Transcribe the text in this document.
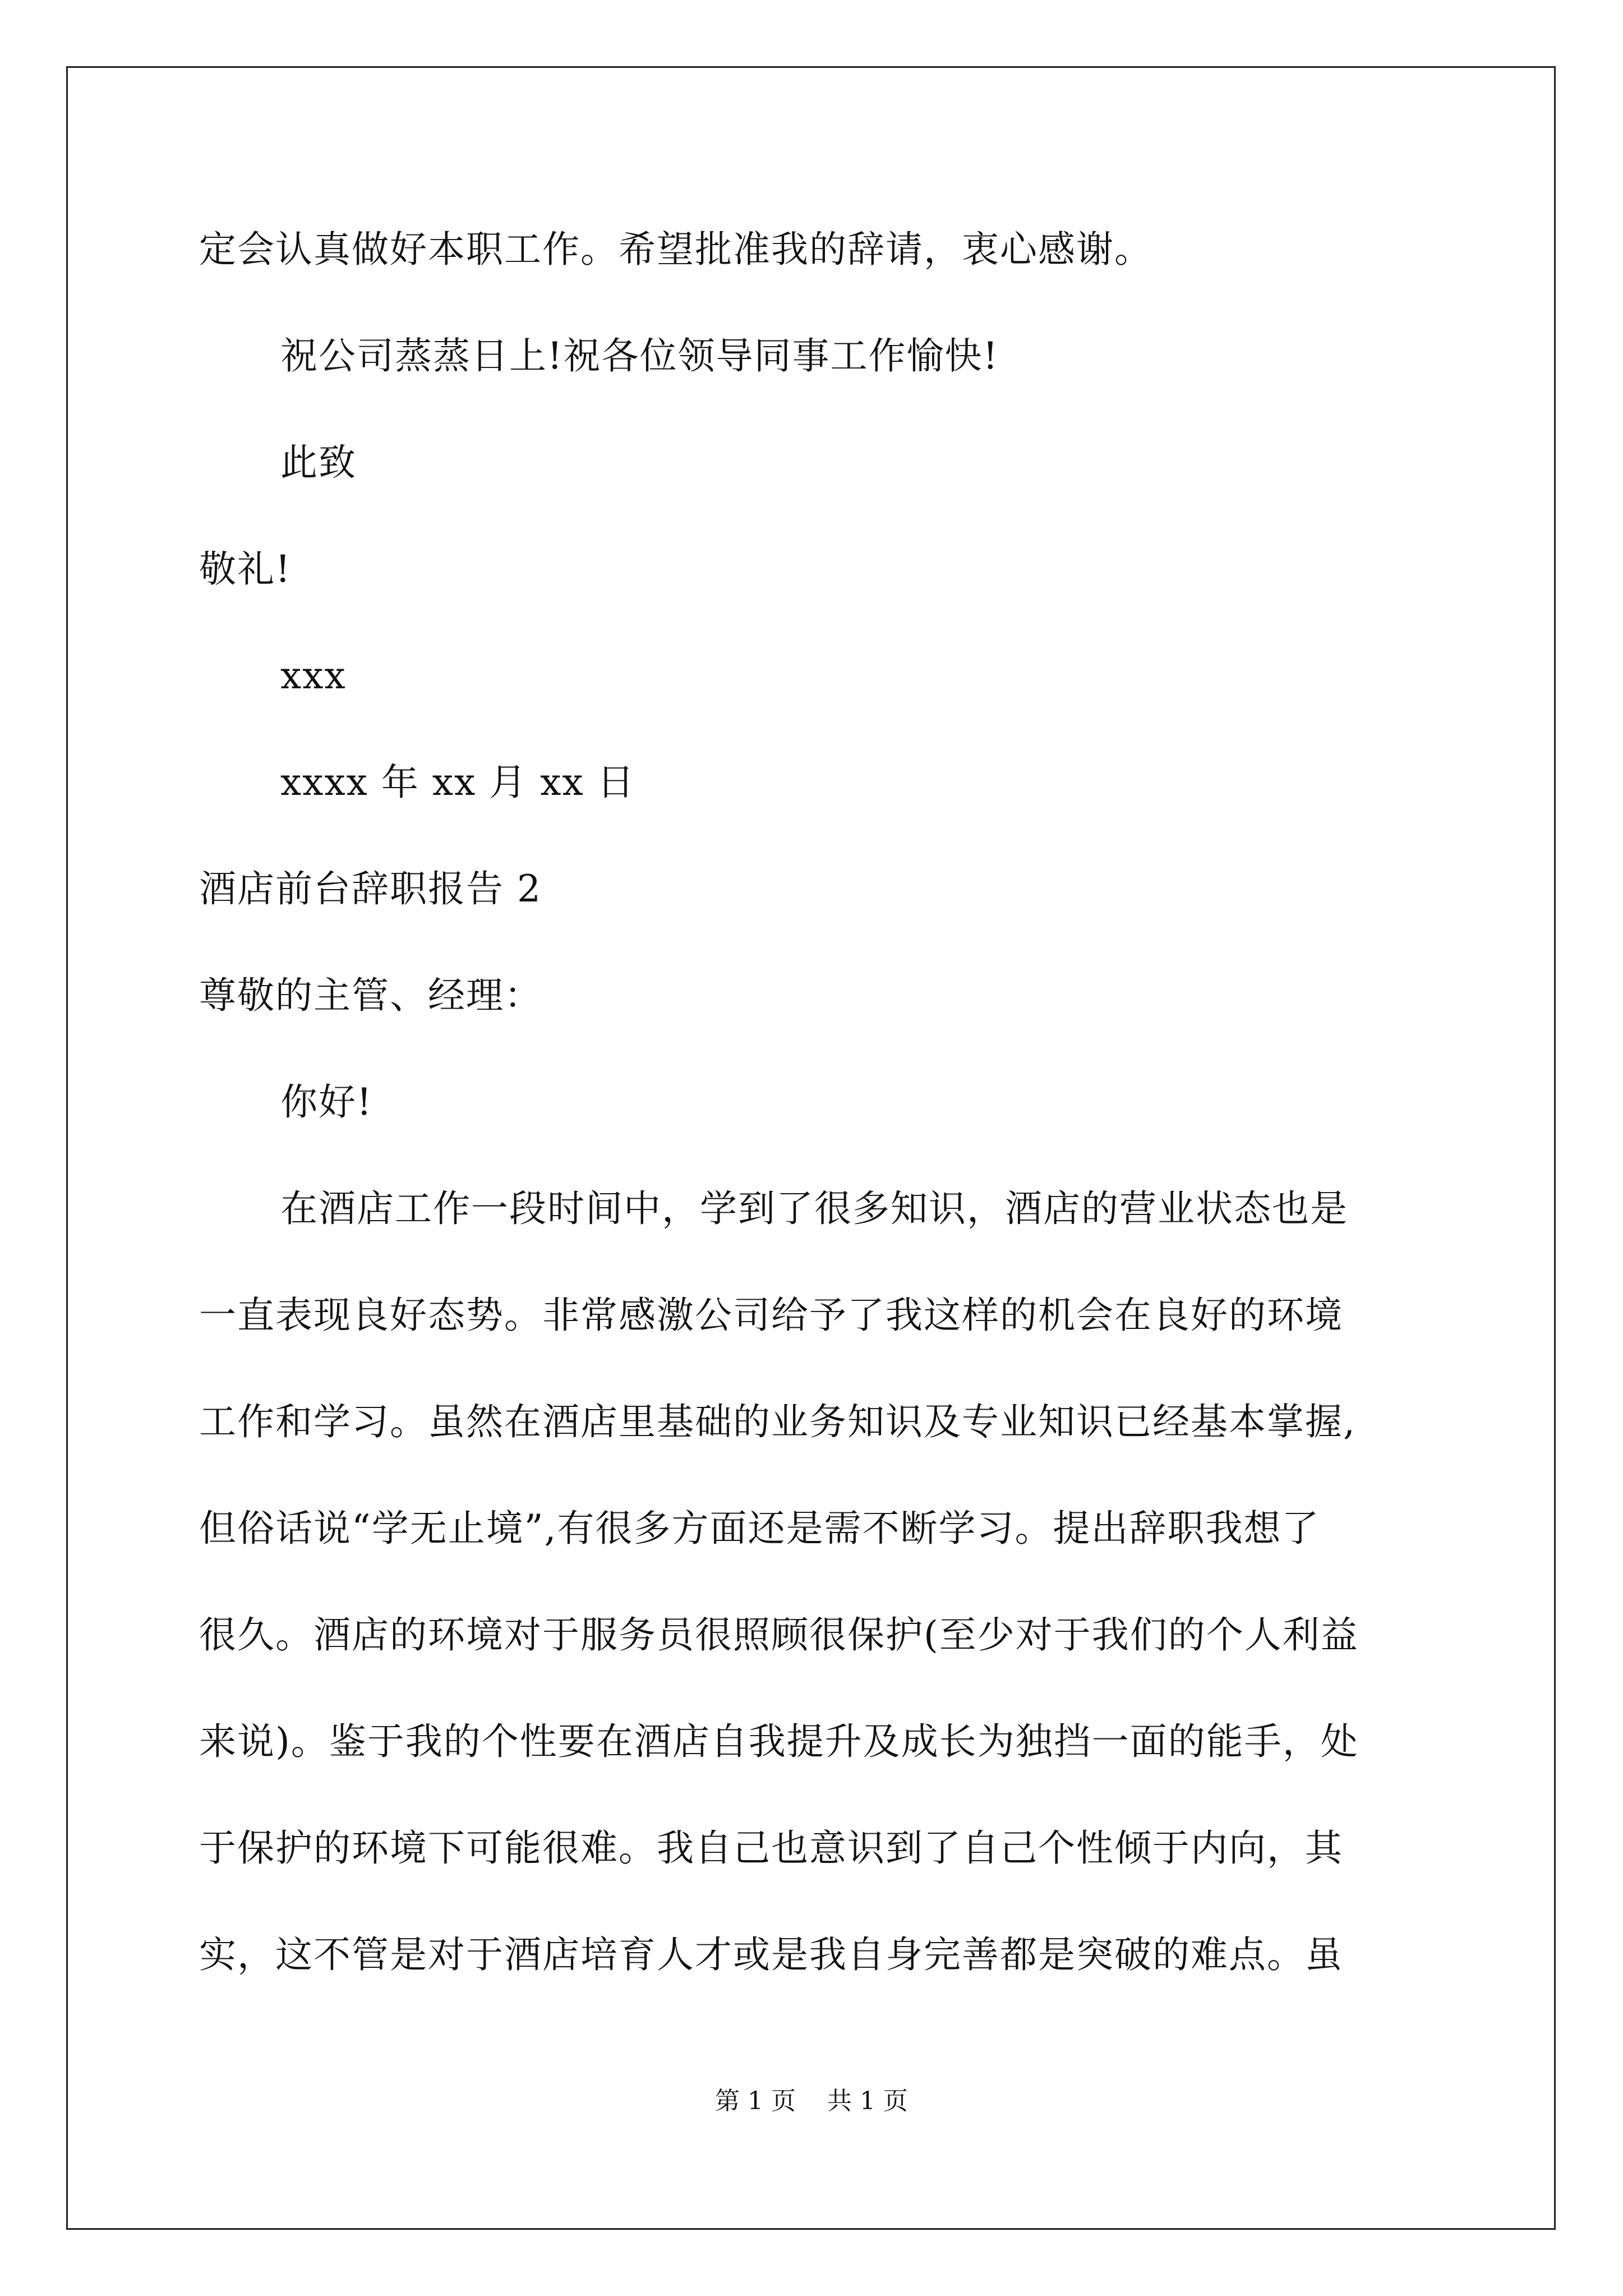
定会认真做好本职工作。希望批准我的辞请，衷心感谢。
祝公司蒸蒸日上!祝各位领导同事工作愉快!
此致
敬礼!
xxx
xxxx 年 xx 月 xx 日
酒店前台辞职报告 2
尊敬的主管、经理：
你好!
在酒店工作一段时间中，学到了很多知识，酒店的营业状态也是
一直表现良好态势。非常感激公司给予了我这样的机会在良好的环境
工作和学习。虽然在酒店里基础的业务知识及专业知识已经基本掌握,
但俗话说“学无止境”,有很多方面还是需不断学习。提出辞职我想了
很久。酒店的环境对于服务员很照顾很保护(至少对于我们的个人利益
来说)。鉴于我的个性要在酒店自我提升及成长为独挡一面的能手，处
于保护的环境下可能很难。我自己也意识到了自己个性倾于内向，其
实，这不管是对于酒店培育人才或是我自身完善都是突破的难点。虽
第 1 页    共 1 页
